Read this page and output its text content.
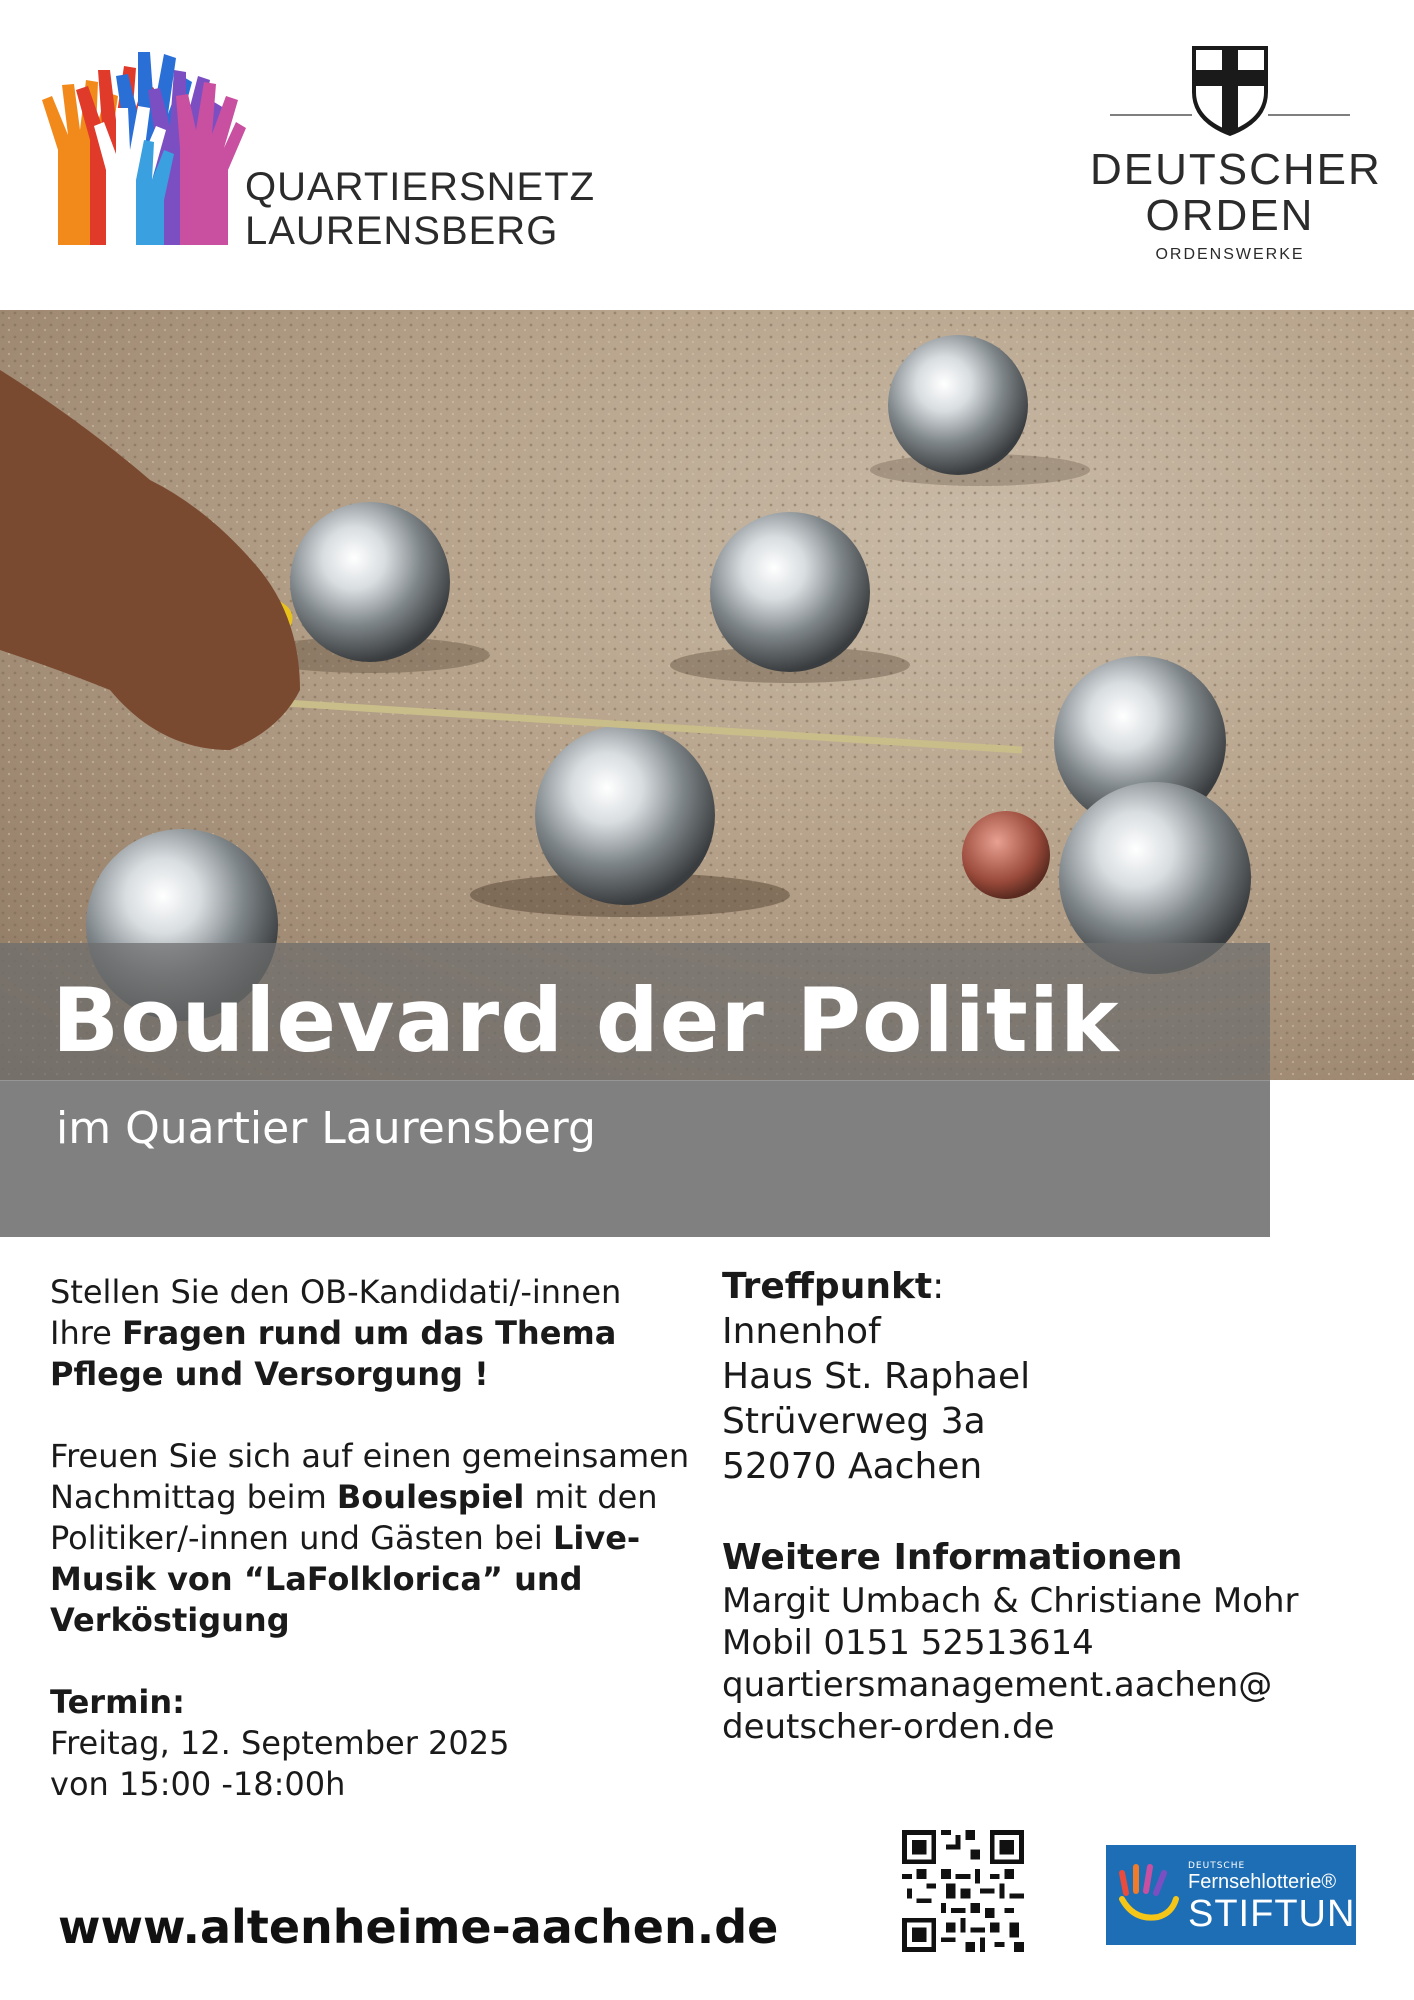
QUARTIERSNETZ
LAURENSBERG
DEUTSCHER
ORDEN
ORDENSWERKE
Boulevard der Politik
im Quartier Laurensberg

Stellen Sie den OB-Kandidati/-innen Ihre Fragen rund um das Thema Pflege und Versorgung !

Freuen Sie sich auf einen gemeinsamen Nachmittag beim Boulespiel mit den Politiker/-innen und Gästen bei Live-Musik von “LaFolklorica” und Verköstigung

Termin:
Freitag, 12. September 2025
von 15:00 -18:00h
Treffpunkt:
Innenhof
Haus St. Raphael
Strüverweg 3a
52070 Aachen
Weitere Informationen
Margit Umbach & Christiane Mohr
Mobil 0151 52513614
quartiersmanagement.aachen@
deutscher-orden.de
www.altenheime-aachen.de
DEUTSCHE
Fernsehlotterie®
STIFTUNG
